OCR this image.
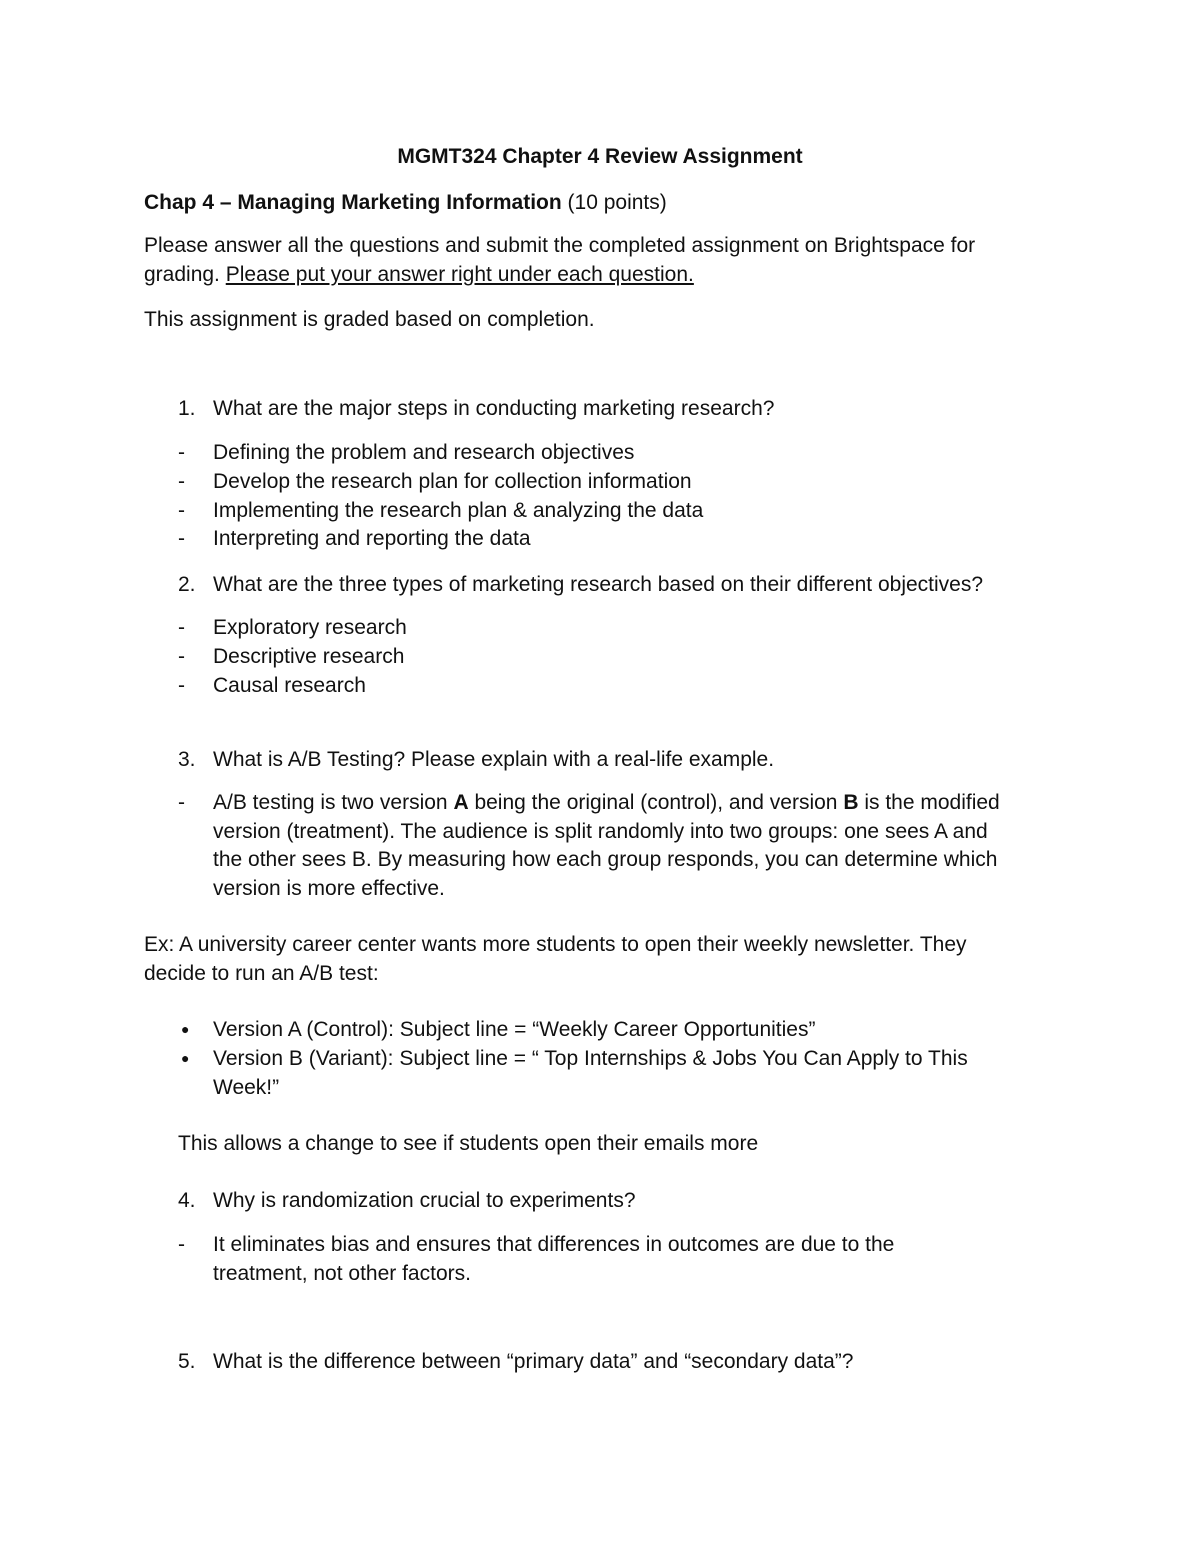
MGMT324 Chapter 4 Review Assignment
Chap 4 – Managing Marketing Information (10 points)
Please answer all the questions and submit the completed assignment on Brightspace for
grading. Please put your answer right under each question.
This assignment is graded based on completion.
1. What are the major steps in conducting marketing research?
- Defining the problem and research objectives
- Develop the research plan for collection information
- Implementing the research plan & analyzing the data
- Interpreting and reporting the data
2. What are the three types of marketing research based on their different objectives?
- Exploratory research
- Descriptive research
- Causal research
3. What is A/B Testing? Please explain with a real-life example.
- A/B testing is two version A being the original (control), and version B is the modified
version (treatment). The audience is split randomly into two groups: one sees A and
the other sees B. By measuring how each group responds, you can determine which
version is more effective.
Ex: A university career center wants more students to open their weekly newsletter. They
decide to run an A/B test:
● Version A (Control): Subject line = “Weekly Career Opportunities”
● Version B (Variant): Subject line = “ Top Internships & Jobs You Can Apply to This
Week!”
This allows a change to see if students open their emails more
4. Why is randomization crucial to experiments?
- It eliminates bias and ensures that differences in outcomes are due to the
treatment, not other factors.
5. What is the difference between “primary data” and “secondary data”?
